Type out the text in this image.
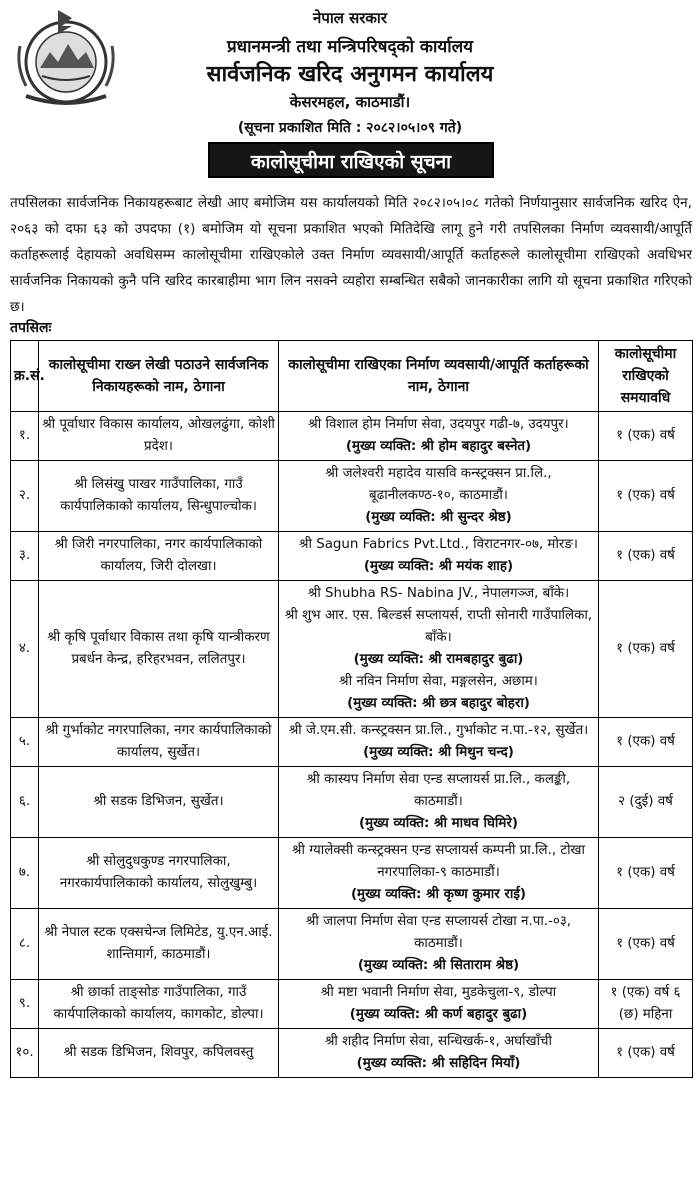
नेपाल सरकार
प्रधानमन्त्री तथा मन्त्रिपरिषद्को कार्यालय
सार्वजनिक खरिद अनुगमन कार्यालय
केसरमहल, काठमाडौं।
(सूचना प्रकाशित मिति : २०८२।०५।०९ गते)
कालोसूचीमा राखिएको सूचना
तपसिलका सार्वजनिक निकायहरूबाट लेखी आए बमोजिम यस कार्यालयको मिति २०८२।०५।०८ गतेको निर्णयानुसार सार्वजनिक खरिद ऐन, २०६३ को दफा ६३ को उपदफा (१) बमोजिम यो सूचना प्रकाशित भएको मितिदेखि लागू हुने गरी तपसिलका निर्माण व्यवसायी/आपूर्ति कर्ताहरूलाई देहायको अवधिसम्म कालोसूचीमा राखिएकोले उक्त निर्माण व्यवसायी/आपूर्ति कर्ताहरूले कालोसूचीमा राखिएको अवधिभर सार्वजनिक निकायको कुनै पनि खरिद कारबाहीमा भाग लिन नसक्ने व्यहोरा सम्बन्धित सबैको जानकारीका लागि यो सूचना प्रकाशित गरिएको छ।
तपसिलः
क्र.सं.	कालोसूचीमा राख्न लेखी पठाउने सार्वजनिक निकायहरूको नाम, ठेगाना	कालोसूचीमा राखिएका निर्माण व्यवसायी/आपूर्ति कर्ताहरूको नाम, ठेगाना	कालोसूचीमा राखिएको समयावधि
१.	श्री पूर्वाधार विकास कार्यालय, ओखलढुंगा, कोशी प्रदेश।	श्री विशाल होम निर्माण सेवा, उदयपुर गढी-७, उदयपुर।
(मुख्य व्यक्ति: श्री होम बहादुर बस्नेत)	१ (एक) वर्ष
२.	श्री लिसंखु पाखर गाउँपालिका, गाउँ कार्यपालिकाको कार्यालय, सिन्धुपाल्चोक।	श्री जलेश्वरी महादेव यासवि कन्स्ट्रक्सन प्रा.लि., बूढानीलकण्ठ-१०, काठमाडौं।
(मुख्य व्यक्ति: श्री सुन्दर श्रेष्ठ)	१ (एक) वर्ष
३.	श्री जिरी नगरपालिका, नगर कार्यपालिकाको कार्यालय, जिरी दोलखा।	श्री Sagun Fabrics Pvt.Ltd., विराटनगर-०७, मोरङ।
(मुख्य व्यक्ति: श्री मयंक शाह)	१ (एक) वर्ष
४.	श्री कृषि पूर्वाधार विकास तथा कृषि यान्त्रीकरण प्रबर्धन केन्द्र, हरिहरभवन, ललितपुर।	श्री Shubha RS- Nabina JV., नेपालगञ्ज, बाँके।
श्री शुभ आर. एस. बिल्डर्स सप्लायर्स, राप्ती सोनारी गाउँपालिका, बाँके।
(मुख्य व्यक्ति: श्री रामबहादुर बुढा)
श्री नविन निर्माण सेवा, मङ्गलसेन, अछाम।
(मुख्य व्यक्ति: श्री छत्र बहादुर बोहरा)	१ (एक) वर्ष
५.	श्री गुर्भाकोट नगरपालिका, नगर कार्यपालिकाको कार्यालय, सुर्खेत।	श्री जे.एम.सी. कन्स्ट्रक्सन प्रा.लि., गुर्भाकोट न.पा.-१२, सुर्खेत।
(मुख्य व्यक्ति: श्री मिथुन चन्द)	१ (एक) वर्ष
६.	श्री सडक डिभिजन, सुर्खेत।	श्री कास्यप निर्माण सेवा एन्ड सप्लायर्स प्रा.लि., कलङ्की, काठमाडौं।
(मुख्य व्यक्ति: श्री माधव घिमिरे)	२ (दुई) वर्ष
७.	श्री सोलुदुधकुण्ड नगरपालिका, नगरकार्यपालिकाको कार्यालय, सोलुखुम्बु।	श्री ग्यालेक्सी कन्स्ट्रक्सन एन्ड सप्लायर्स कम्पनी प्रा.लि., टोखा नगरपालिका-९ काठमाडौं।
(मुख्य व्यक्ति: श्री कृष्ण कुमार राई)	१ (एक) वर्ष
८.	श्री नेपाल स्टक एक्सचेन्ज लिमिटेड, यु.एन.आई. शान्तिमार्ग, काठमाडौं।	श्री जालपा निर्माण सेवा एन्ड सप्लायर्स टोखा न.पा.-०३, काठमाडौं।
(मुख्य व्यक्ति: श्री सिताराम श्रेष्ठ)	१ (एक) वर्ष
९.	श्री छार्का ताङ्सोङ गाउँपालिका, गाउँ कार्यपालिकाको कार्यालय, कागकोट, डोल्पा।	श्री मष्टा भवानी निर्माण सेवा, मुडकेचुला-९, डोल्पा
(मुख्य व्यक्ति: श्री कर्ण बहादुर बुढा)	१ (एक) वर्ष ६ (छ) महिना
१०.	श्री सडक डिभिजन, शिवपुर, कपिलवस्तु	श्री शहीद निर्माण सेवा, सन्धिखर्क-१, अर्घाखाँची
(मुख्य व्यक्ति: श्री सहिदिन मियाँ)	१ (एक) वर्ष
